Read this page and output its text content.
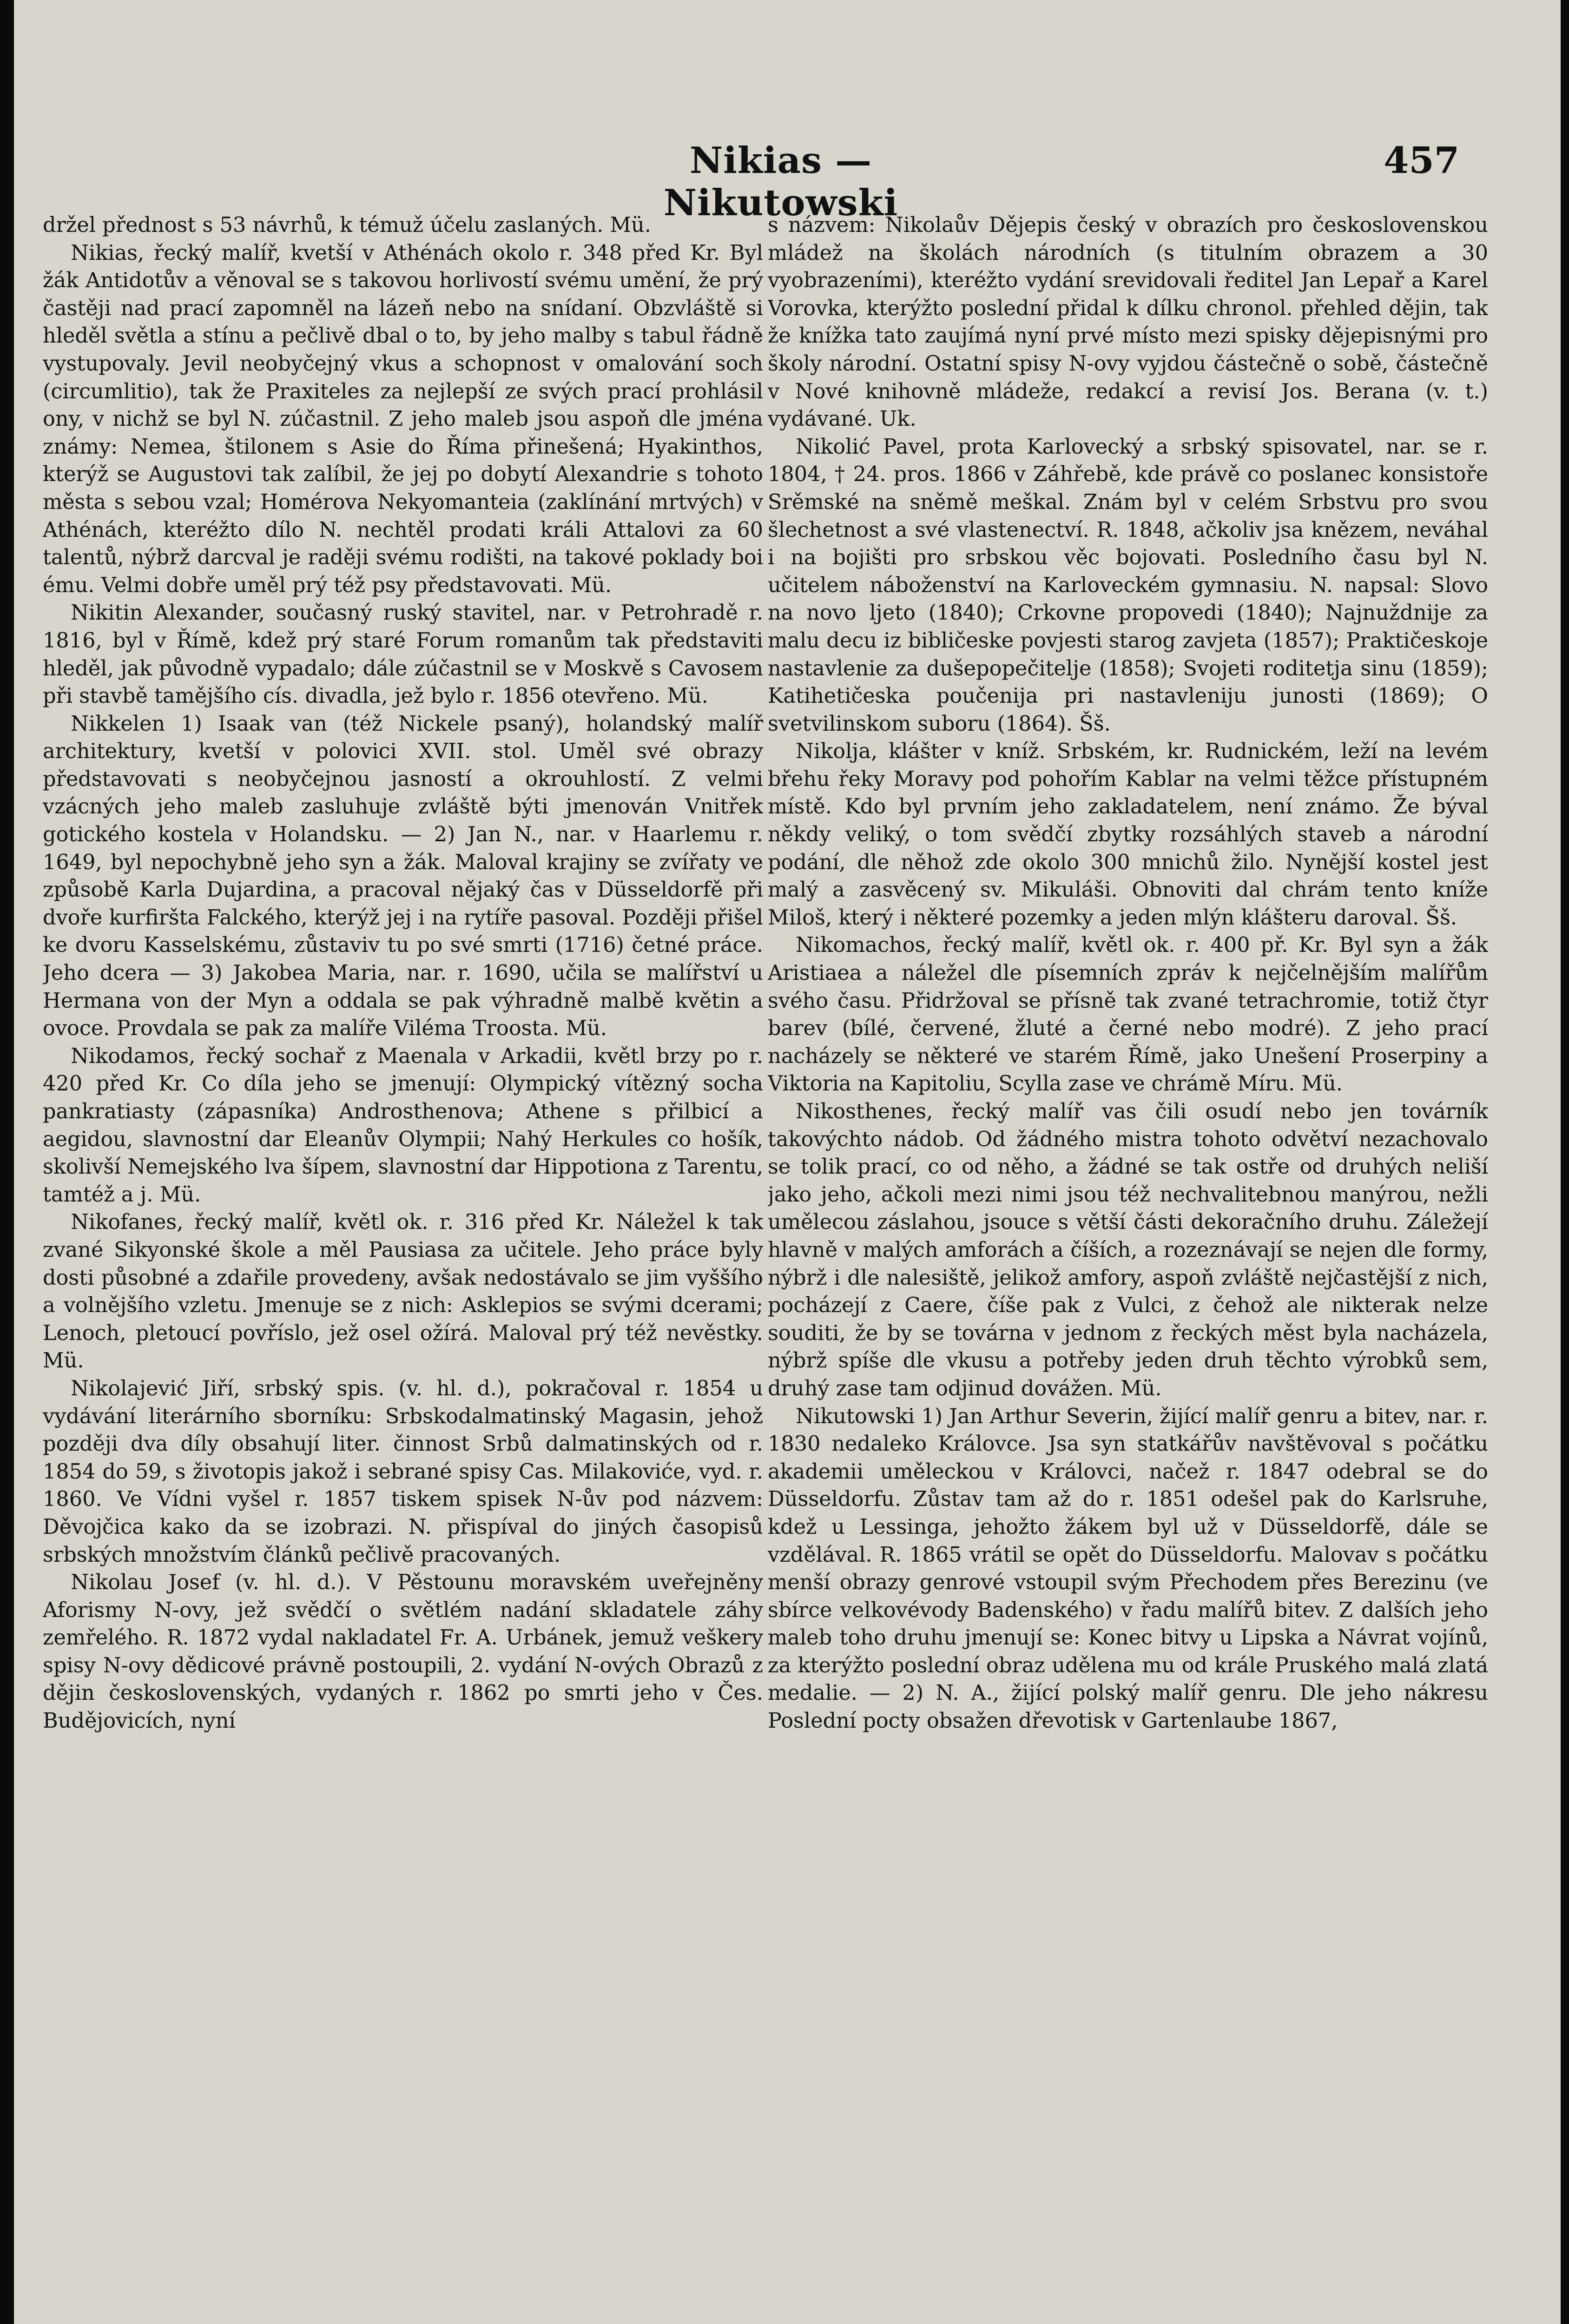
Nikias — Nikutowski
457

držel přednost s 53 návrhů, k témuž účelu zaslaných. Mü.

Nikias, řecký malíř, kvetší v Athénách okolo r. 348 před Kr. Byl žák Antidotův a věnoval se s takovou horlivostí svému umění, že prý častěji nad prací zapomněl na lázeň nebo na snídaní. Obzvláště si hleděl světla a stínu a pečlivě dbal o to, by jeho malby s tabul řádně vystupovaly. Jevil neobyčejný vkus a schopnost v omalování soch (circumlitio), tak že Praxiteles za nejlepší ze svých prací prohlásil ony, v nichž se byl N. zúčastnil. Z jeho maleb jsou aspoň dle jména známy: Nemea, štilonem s Asie do Říma přinešená; Hyakinthos, kterýž se Augustovi tak zalíbil, že jej po dobytí Alexandrie s tohoto města s sebou vzal; Homérova Nekyomanteia (zaklínání mrtvých) v Athénách, kteréžto dílo N. nechtěl prodati králi Attalovi za 60 talentů, nýbrž darcval je raději svému rodišti, na takové poklady boi ému. Velmi dobře uměl prý též psy představovati. Mü.

Nikitin Alexander, současný ruský stavitel, nar. v Petrohradě r. 1816, byl v Římě, kdež prý staré Forum romanům tak představiti hleděl, jak původně vypadalo; dále zúčastnil se v Moskvě s Cavosem při stavbě tamějšího cís. divadla, jež bylo r. 1856 otevřeno. Mü.

Nikkelen 1) Isaak van (též Nickele psaný), holandský malíř architektury, kvetší v polovici XVII. stol. Uměl své obrazy představovati s neobyčejnou jasností a okrouhlostí. Z velmi vzácných jeho maleb zasluhuje zvláště býti jmenován Vnitřek gotického kostela v Holandsku. — 2) Jan N., nar. v Haarlemu r. 1649, byl nepochybně jeho syn a žák. Maloval krajiny se zvířaty ve způsobě Karla Dujardina, a pracoval nějaký čas v Düsseldorfě při dvoře kurfiršta Falckého, kterýž jej i na rytíře pasoval. Později přišel ke dvoru Kasselskému, zůstaviv tu po své smrti (1716) četné práce. Jeho dcera — 3) Jakobea Maria, nar. r. 1690, učila se malířství u Hermana von der Myn a oddala se pak výhradně malbě květin a ovoce. Provdala se pak za malíře Viléma Troosta. Mü.

Nikodamos, řecký sochař z Maenala v Arkadii, květl brzy po r. 420 před Kr. Co díla jeho se jmenují: Olympický vítězný socha pankratiasty (zápasníka) Androsthenova; Athene s přilbicí a aegidou, slavnostní dar Eleanův Olympii; Nahý Herkules co hošík, skolivší Nemejského lva šípem, slavnostní dar Hippotiona z Tarentu, tamtéž a j. Mü.

Nikofanes, řecký malíř, květl ok. r. 316 před Kr. Náležel k tak zvané Sikyonské škole a měl Pausiasa za učitele. Jeho práce byly dosti působné a zdařile provedeny, avšak nedostávalo se jim vyššího a volnějšího vzletu. Jmenuje se z nich: Asklepios se svými dcerami; Lenoch, pletoucí povříslo, jež osel ožírá. Maloval prý též nevěstky. Mü.

Nikolajević Jiří, srbský spis. (v. hl. d.), pokračoval r. 1854 u vydávání literárního sborníku: Srbskodalmatinský Magasin, jehož později dva díly obsahují liter. činnost Srbů dalmatinských od r. 1854 do 59, s životopis jakož i sebrané spisy Cas. Milakoviće, vyd. r. 1860. Ve Vídni vyšel r. 1857 tiskem spisek N-ův pod názvem: Děvojčica kako da se izobrazi. N. přispíval do jiných časopisů srbských množstvím článků pečlivě pracovaných.

Nikolau Josef (v. hl. d.). V Pěstounu moravském uveřejněny Aforismy N-ovy, jež svědčí o světlém nadání skladatele záhy zemřelého. R. 1872 vydal nakladatel Fr. A. Urbánek, jemuž veškery spisy N-ovy dědicové právně postoupili, 2. vydání N-ových Obrazů z dějin československých, vydaných r. 1862 po smrti jeho v Čes. Budějovicích, nyní

s názvem: Nikolaův Dějepis český v obrazích pro československou mládež na školách národních (s titulním obrazem a 30 vyobrazeními), kteréžto vydání srevidovali ředitel Jan Lepař a Karel Vorovka, kterýžto poslední přidal k dílku chronol. přehled dějin, tak že knížka tato zaujímá nyní prvé místo mezi spisky dějepisnými pro školy národní. Ostatní spisy N-ovy vyjdou částečně o sobě, částečně v Nové knihovně mládeže, redakcí a revisí Jos. Berana (v. t.) vydávané. Uk.

Nikolić Pavel, prota Karlovecký a srbský spisovatel, nar. se r. 1804, † 24. pros. 1866 v Záhřebě, kde právě co poslanec konsistoře Srěmské na sněmě meškal. Znám byl v celém Srbstvu pro svou šlechetnost a své vlastenectví. R. 1848, ačkoliv jsa knězem, neváhal i na bojišti pro srbskou věc bojovati. Posledního času byl N. učitelem náboženství na Karloveckém gymnasiu. N. napsal: Slovo na novo ljeto (1840); Crkovne propovedi (1840); Najnuždnije za malu decu iz bibličeske povjesti starog zavjeta (1857); Praktičeskoje nastavlenie za dušepopečitelje (1858); Svojeti roditetja sinu (1859); Katihetičeska poučenija pri nastavleniju junosti (1869); O svetvilinskom suboru (1864). Šš.

Nikolja, klášter v kníž. Srbském, kr. Rudnickém, leží na levém břehu řeky Moravy pod pohořím Kablar na velmi těžce přístupném místě. Kdo byl prvním jeho zakladatelem, není známo. Že býval někdy veliký, o tom svědčí zbytky rozsáhlých staveb a národní podání, dle něhož zde okolo 300 mnichů žilo. Nynější kostel jest malý a zasvěcený sv. Mikuláši. Obnoviti dal chrám tento kníže Miloš, který i některé pozemky a jeden mlýn klášteru daroval. Šš.

Nikomachos, řecký malíř, květl ok. r. 400 př. Kr. Byl syn a žák Aristiaea a náležel dle písemních zpráv k nejčelnějším malířům svého času. Přidržoval se přísně tak zvané tetrachromie, totiž čtyr barev (bílé, červené, žluté a černé nebo modré). Z jeho prací nacházely se některé ve starém Římě, jako Unešení Proserpiny a Viktoria na Kapitoliu, Scylla zase ve chrámě Míru. Mü.

Nikosthenes, řecký malíř vas čili osudí nebo jen továrník takovýchto nádob. Od žádného mistra tohoto odvětví nezachovalo se tolik prací, co od něho, a žádné se tak ostře od druhých neliší jako jeho, ačkoli mezi nimi jsou též nechvalitebnou manýrou, nežli umělecou záslahou, jsouce s větší části dekoračního druhu. Záležejí hlavně v malých amforách a číších, a rozeznávají se nejen dle formy, nýbrž i dle nalesiště, jelikož amfory, aspoň zvláště nejčastější z nich, pocházejí z Caere, číše pak z Vulci, z čehož ale nikterak nelze souditi, že by se továrna v jednom z řeckých měst byla nacházela, nýbrž spíše dle vkusu a potřeby jeden druh těchto výrobků sem, druhý zase tam odjinud dovážen. Mü.

Nikutowski 1) Jan Arthur Severin, žijící malíř genru a bitev, nar. r. 1830 nedaleko Královce. Jsa syn statkářův navštěvoval s počátku akademii uměleckou v Královci, načež r. 1847 odebral se do Düsseldorfu. Zůstav tam až do r. 1851 odešel pak do Karlsruhe, kdež u Lessinga, jehožto žákem byl už v Düsseldorfě, dále se vzdělával. R. 1865 vrátil se opět do Düsseldorfu. Malovav s počátku menší obrazy genrové vstoupil svým Přechodem přes Berezinu (ve sbírce velkovévody Badenského) v řadu malířů bitev. Z dalších jeho maleb toho druhu jmenují se: Konec bitvy u Lipska a Návrat vojínů, za kterýžto poslední obraz udělena mu od krále Pruského malá zlatá medalie. — 2) N. A., žijící polský malíř genru. Dle jeho nákresu Poslední pocty obsažen dřevotisk v Gartenlaube 1867,
